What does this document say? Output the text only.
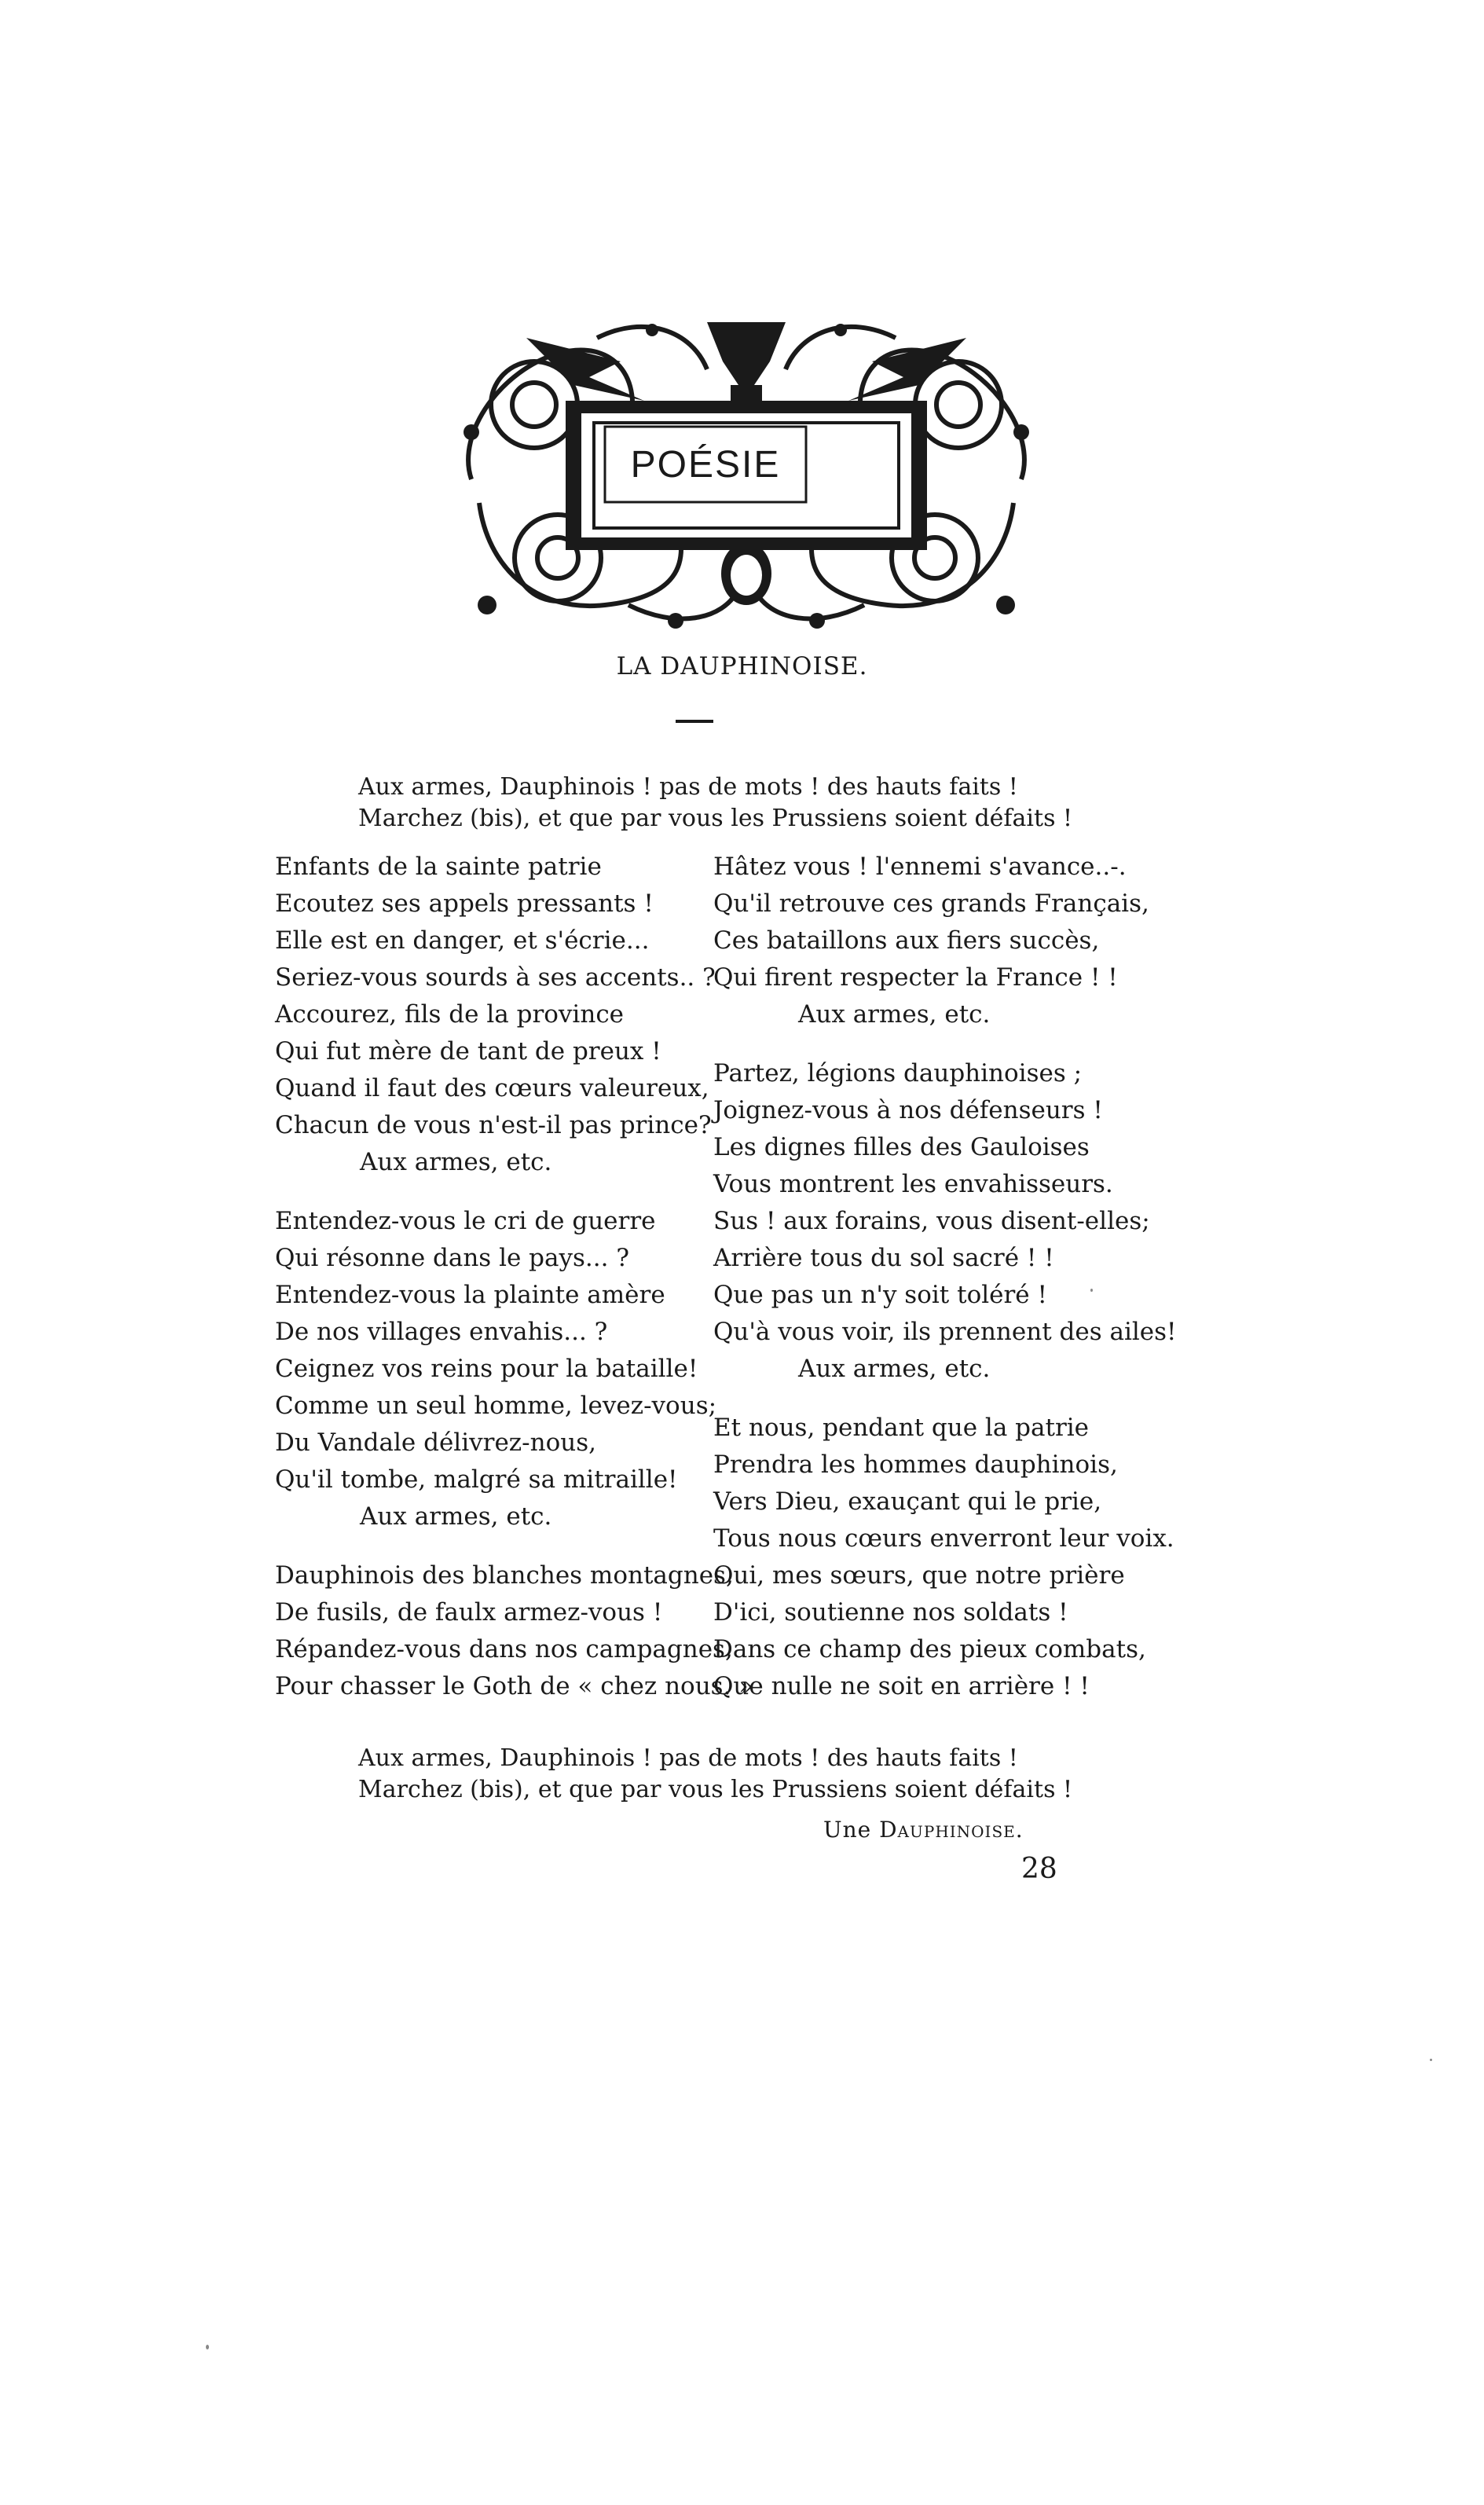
POÉSIE
LA DAUPHINOISE.
Aux armes, Dauphinois ! pas de mots ! des hauts faits !
Marchez (bis), et que par vous les Prussiens soient défaits !
Enfants de la sainte patrie
Ecoutez ses appels pressants !
Elle est en danger, et s'écrie...
Seriez-vous sourds à ses accents.. ?
Accourez, fils de la province
Qui fut mère de tant de preux !
Quand il faut des cœurs valeureux,
Chacun de vous n'est-il pas prince?
Aux armes, etc.
Entendez-vous le cri de guerre
Qui résonne dans le pays... ?
Entendez-vous la plainte amère
De nos villages envahis... ?
Ceignez vos reins pour la bataille!
Comme un seul homme, levez-vous;
Du Vandale délivrez-nous,
Qu'il tombe, malgré sa mitraille!
Aux armes, etc.
Dauphinois des blanches montagnes,
De fusils, de faulx armez-vous !
Répandez-vous dans nos campagnes,
Pour chasser le Goth de « chez nous. »
Hâtez vous ! l'ennemi s'avance..-.
Qu'il retrouve ces grands Français,
Ces bataillons aux fiers succès,
Qui firent respecter la France ! !
Aux armes, etc.
Partez, légions dauphinoises ;
Joignez-vous à nos défenseurs !
Les dignes filles des Gauloises
Vous montrent les envahisseurs.
Sus ! aux forains, vous disent-elles;
Arrière tous du sol sacré ! !
Que pas un n'y soit toléré !
Qu'à vous voir, ils prennent des ailes!
Aux armes, etc.
Et nous, pendant que la patrie
Prendra les hommes dauphinois,
Vers Dieu, exauçant qui le prie,
Tous nous cœurs enverront leur voix.
Oui, mes sœurs, que notre prière
D'ici, soutienne nos soldats !
Dans ce champ des pieux combats,
Que nulle ne soit en arrière ! !
Aux armes, Dauphinois ! pas de mots ! des hauts faits !
Marchez (bis), et que par vous les Prussiens soient défaits !
Une Dauphinoise.
28
